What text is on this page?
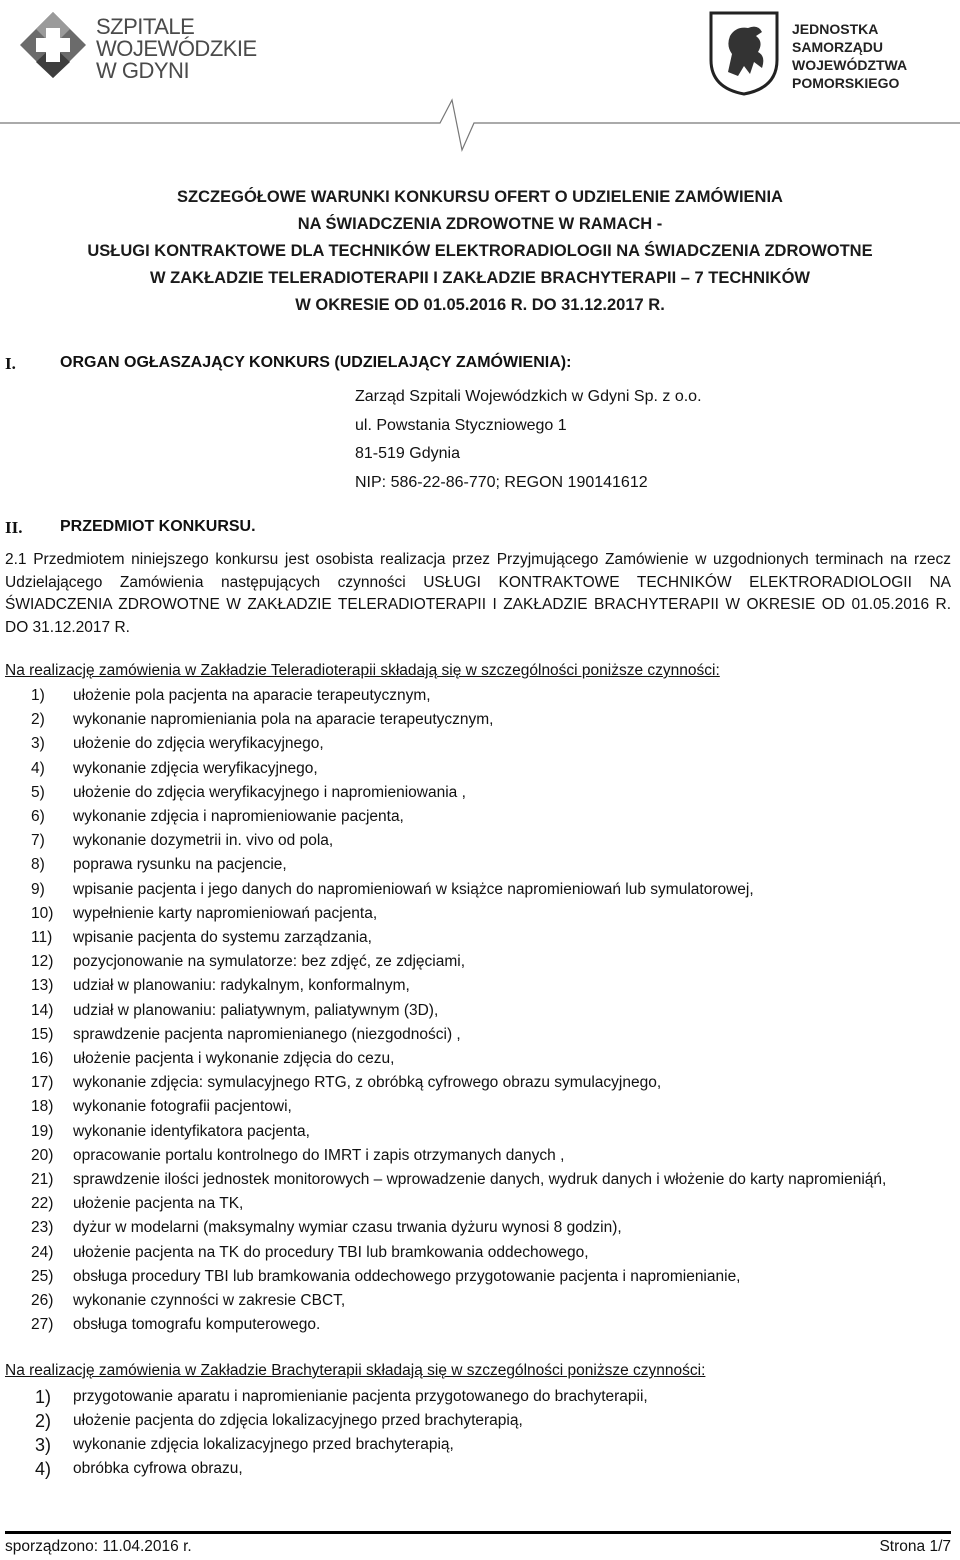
SZPITALE
WOJEWÓDZKIE
W GDYNI
JEDNOSTKA
SAMORZĄDU
WOJEWÓDZTWA
POMORSKIEGO
SZCZEGÓŁOWE WARUNKI KONKURSU OFERT O UDZIELENIE ZAMÓWIENIA
NA ŚWIADCZENIA ZDROWOTNE W RAMACH -
USŁUGI KONTRAKTOWE DLA TECHNIKÓW ELEKTRORADIOLOGII NA ŚWIADCZENIA ZDROWOTNE
W ZAKŁADZIE TELERADIOTERAPII I ZAKŁADZIE BRACHYTERAPII – 7 TECHNIKÓW
W OKRESIE OD 01.05.2016 R. DO 31.12.2017 R.
I.	ORGAN OGŁASZAJĄCY KONKURS (UDZIELAJĄCY ZAMÓWIENIA):
Zarząd Szpitali Wojewódzkich w Gdyni Sp. z o.o.
ul. Powstania Styczniowego 1
81-519 Gdynia
NIP: 586-22-86-770; REGON 190141612
II. PRZEDMIOT KONKURSU.
2.1 Przedmiotem niniejszego konkursu jest osobista realizacja przez Przyjmującego Zamówienie w uzgodnionych terminach na rzecz Udzielającego Zamówienia następujących czynności USŁUGI KONTRAKTOWE TECHNIKÓW ELEKTRORADIOLOGII NA ŚWIADCZENIA ZDROWOTNE W ZAKŁADZIE TELERADIOTERAPII I ZAKŁADZIE BRACHYTERAPII W OKRESIE OD 01.05.2016 R. DO 31.12.2017 R.
Na realizację zamówienia w Zakładzie Teleradioterapii składają się w szczególności poniższe czynności:
1) ułożenie pola pacjenta na aparacie terapeutycznym,
2) wykonanie napromieniania pola na aparacie terapeutycznym,
3) ułożenie do zdjęcia weryfikacyjnego,
4) wykonanie zdjęcia weryfikacyjnego,
5) ułożenie do zdjęcia weryfikacyjnego i napromieniowania ,
6) wykonanie zdjęcia i napromieniowanie pacjenta,
7) wykonanie dozymetrii in. vivo od pola,
8) poprawa rysunku na pacjencie,
9) wpisanie pacjenta i jego danych do napromieniowań w książce napromieniowań lub symulatorowej,
10) wypełnienie karty napromieniowań pacjenta,
11) wpisanie pacjenta do systemu zarządzania,
12) pozycjonowanie na symulatorze: bez zdjęć, ze zdjęciami,
13) udział w planowaniu: radykalnym, konformalnym,
14) udział w planowaniu: paliatywnym, paliatywnym (3D),
15) sprawdzenie pacjenta napromienianego (niezgodności) ,
16) ułożenie pacjenta i wykonanie zdjęcia do cezu,
17) wykonanie zdjęcia: symulacyjnego RTG, z obróbką cyfrowego obrazu symulacyjnego,
18) wykonanie fotografii pacjentowi,
19) wykonanie identyfikatora pacjenta,
20) opracowanie portalu kontrolnego do IMRT i zapis otrzymanych danych ,
21) sprawdzenie ilości jednostek monitorowych – wprowadzenie danych, wydruk danych i włożenie do karty napromienią́ń,
22) ułożenie pacjenta na TK,
23) dyżur w modelarni (maksymalny wymiar czasu trwania dyżuru wynosi 8 godzin),
24) ułożenie pacjenta na TK do procedury TBI lub bramkowania oddechowego,
25) obsługa procedury TBI lub bramkowania oddechowego przygotowanie pacjenta i napromienianie,
26) wykonanie czynności w zakresie CBCT,
27) obsługa tomografu komputerowego.
Na realizację zamówienia w Zakładzie Brachyterapii składają się w szczególności poniższe czynności:
1) przygotowanie aparatu i napromienianie pacjenta przygotowanego do brachyterapii,
2) ułożenie pacjenta do zdjęcia lokalizacyjnego przed brachyterapią,
3) wykonanie zdjęcia lokalizacyjnego przed brachyterapią,
4) obróbka cyfrowa obrazu,
sporządzono: 11.04.2016 r.	Strona 1/7
